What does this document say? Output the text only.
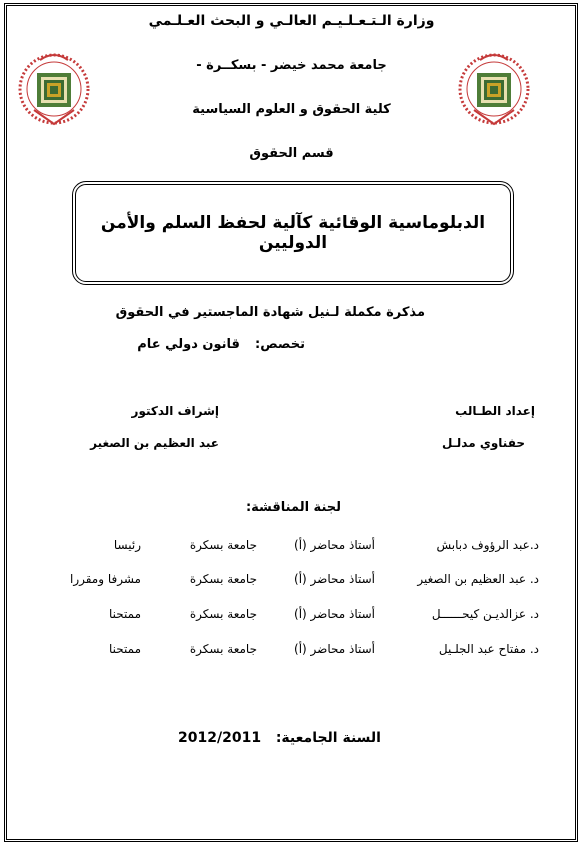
وزارة الـتـعـلـيـم العالـي و البحث العـلـمي
جامعة محمد خيضر - بسكــرة -
كلية الحقوق و العلوم السياسية
قسم الحقوق
الدبلوماسية الوقائية كآلية لحفظ السلم والأمن الدوليين
مذكرة مكملة لـنيل شهادة الماجستير في الحقوق
تخصص:  قانون دولي عام
إعداد الطـالب
حفناوي مدلـل
إشراف الدكتور
عبد العظيم بن الصغير
لجنة المناقشة:
د.عبد الرؤوف دبابش
أستاذ محاضر (أ)
جامعة بسكرة
رئيسا
د. عبد العظيم بن الصغير
أستاذ محاضر (أ)
جامعة بسكرة
مشرفا ومقررا
د. عزالديـن كيحــــــل
أستاذ محاضر (أ)
جامعة بسكرة
ممتحنا
د. مفتاح عبد الجلـيل
أستاذ محاضر (أ)
جامعة بسكرة
ممتحنا
السنة الجامعية:  2012/2011
